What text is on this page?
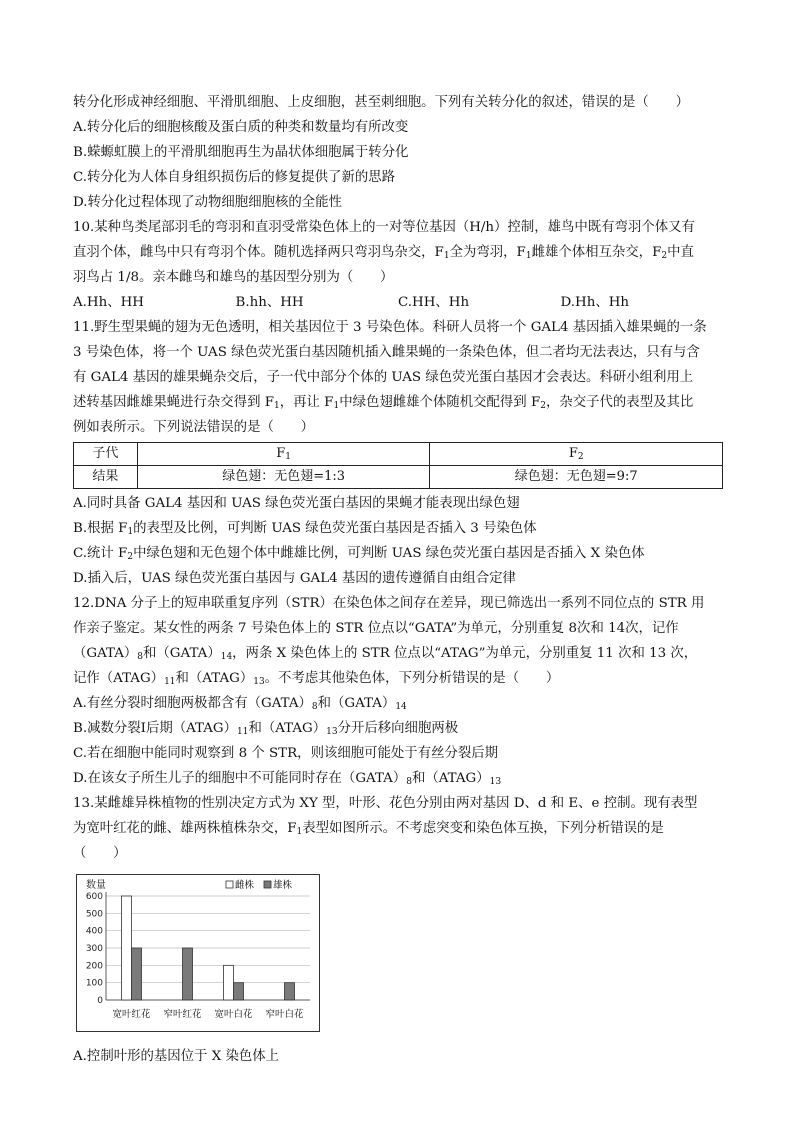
转分化形成神经细胞、平滑肌细胞、上皮细胞，甚至刺细胞。下列有关转分化的叙述，错误的是（　　）
A.转分化后的细胞核酸及蛋白质的种类和数量均有所改变
B.蝾螈虹膜上的平滑肌细胞再生为晶状体细胞属于转分化
C.转分化为人体自身组织损伤后的修复提供了新的思路
D.转分化过程体现了动物细胞细胞核的全能性
10.某种鸟类尾部羽毛的弯羽和直羽受常染色体上的一对等位基因（H/h）控制，雄鸟中既有弯羽个体又有
直羽个体，雌鸟中只有弯羽个体。随机选择两只弯羽鸟杂交，$F_1$全为弯羽，$F_1$雌雄个体相互杂交，$F_2$中直
羽鸟占 1/8。亲本雌鸟和雄鸟的基因型分别为（　　）
A.Hh、HH	B.hh、HH	C.HH、Hh	D.Hh、Hh
11.野生型果蝇的翅为无色透明，相关基因位于 3 号染色体。科研人员将一个 GAL4 基因插入雄果蝇的一条
3 号染色体，将一个 UAS 绿色荧光蛋白基因随机插入雌果蝇的一条染色体，但二者均无法表达，只有与含
有 GAL4 基因的雄果蝇杂交后，子一代中部分个体的 UAS 绿色荧光蛋白基因才会表达。科研小组利用上
述转基因雌雄果蝇进行杂交得到 $F_1$，再让 $F_1$中绿色翅雌雄个体随机交配得到 $F_2$，杂交子代的表型及其比
例如表所示。下列说法错误的是（　　）
子代	$F_1$	$F_2$
结果	绿色翅：无色翅=1:3	绿色翅：无色翅=9:7
A.同时具备 GAL4 基因和 UAS 绿色荧光蛋白基因的果蝇才能表现出绿色翅
B.根据 $F_1$的表型及比例，可判断 UAS 绿色荧光蛋白基因是否插入 3 号染色体
C.统计 $F_2$中绿色翅和无色翅个体中雌雄比例，可判断 UAS 绿色荧光蛋白基因是否插入 X 染色体
D.插入后，UAS 绿色荧光蛋白基因与 GAL4 基因的遗传遵循自由组合定律
12.DNA 分子上的短串联重复序列（STR）在染色体之间存在差异，现已筛选出一系列不同位点的 STR 用
作亲子鉴定。某女性的两条 7 号染色体上的 STR 位点以“GATA”为单元，分别重复 8次和 14次，记作
$(GATA)_8$和$(GATA)_{14}$，两条 X 染色体上的 STR 位点以“ATAG”为单元，分别重复 11 次和 13 次，
记作$(ATAG)_{11}$和$(ATAG)_{13}$。不考虑其他染色体，下列分析错误的是（　　）
A.有丝分裂时细胞两极都含有$(GATA)_8$和$(GATA)_{14}$
B.减数分裂Ⅰ后期$(ATAG)_{11}$和$(ATAG)_{13}$分开后移向细胞两极
C.若在细胞中能同时观察到 8 个 STR，则该细胞可能处于有丝分裂后期
D.在该女子所生儿子的细胞中不可能同时存在$(GATA)_8$和$(ATAG)_{13}$
13.某雌雄异株植物的性别决定方式为 XY 型，叶形、花色分别由两对基因 D、d 和 E、e 控制。现有表型
为宽叶红花的雌、雄两株植株杂交，$F_1$表型如图所示。不考虑突变和染色体互换，下列分析错误的是
（　　）
0
100
200
300
400
500
600
数量	雌株 雄株
宽叶红花 窄叶红花 宽叶白花 窄叶白花
A.控制叶形的基因位于 X 染色体上
